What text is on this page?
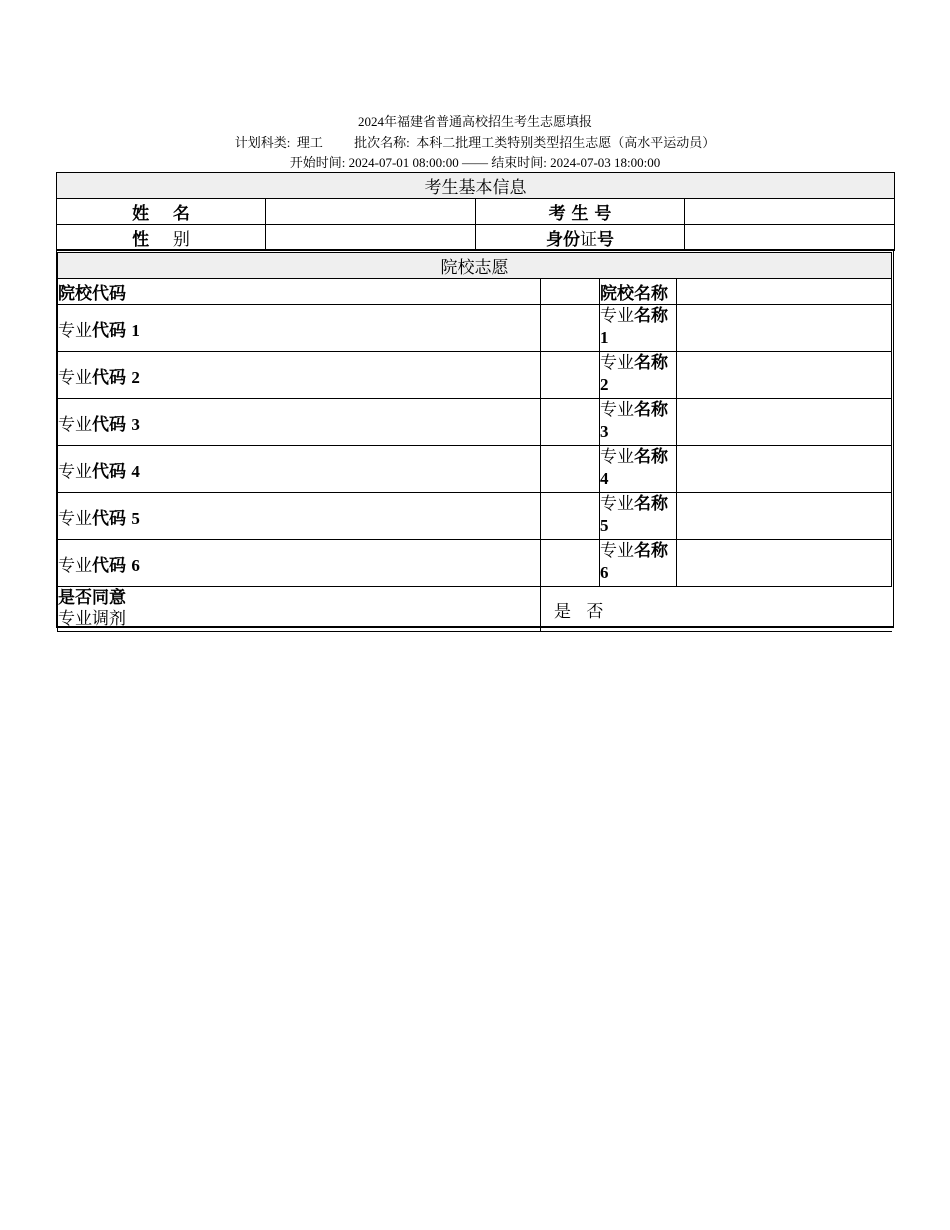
2024年福建省普通高校招生考生志愿填报
计划科类: 理工 批次名称: 本科二批理工类特别类型招生志愿（高水平运动员）
开始时间: 2024-07-01 08:00:00 —— 结束时间: 2024-07-03 18:00:00
考生基本信息			
姓 名		考 生 号	
性 别		身份证号	
院校志愿			
院校代码		院校名称	
专业代码 1		专业名称
1	
专业代码 2		专业名称
2	
专业代码 3		专业名称
3	
专业代码 4		专业名称
4	
专业代码 5		专业名称
5	
专业代码 6		专业名称
6	
是否同意
专业调剂	是 否		
